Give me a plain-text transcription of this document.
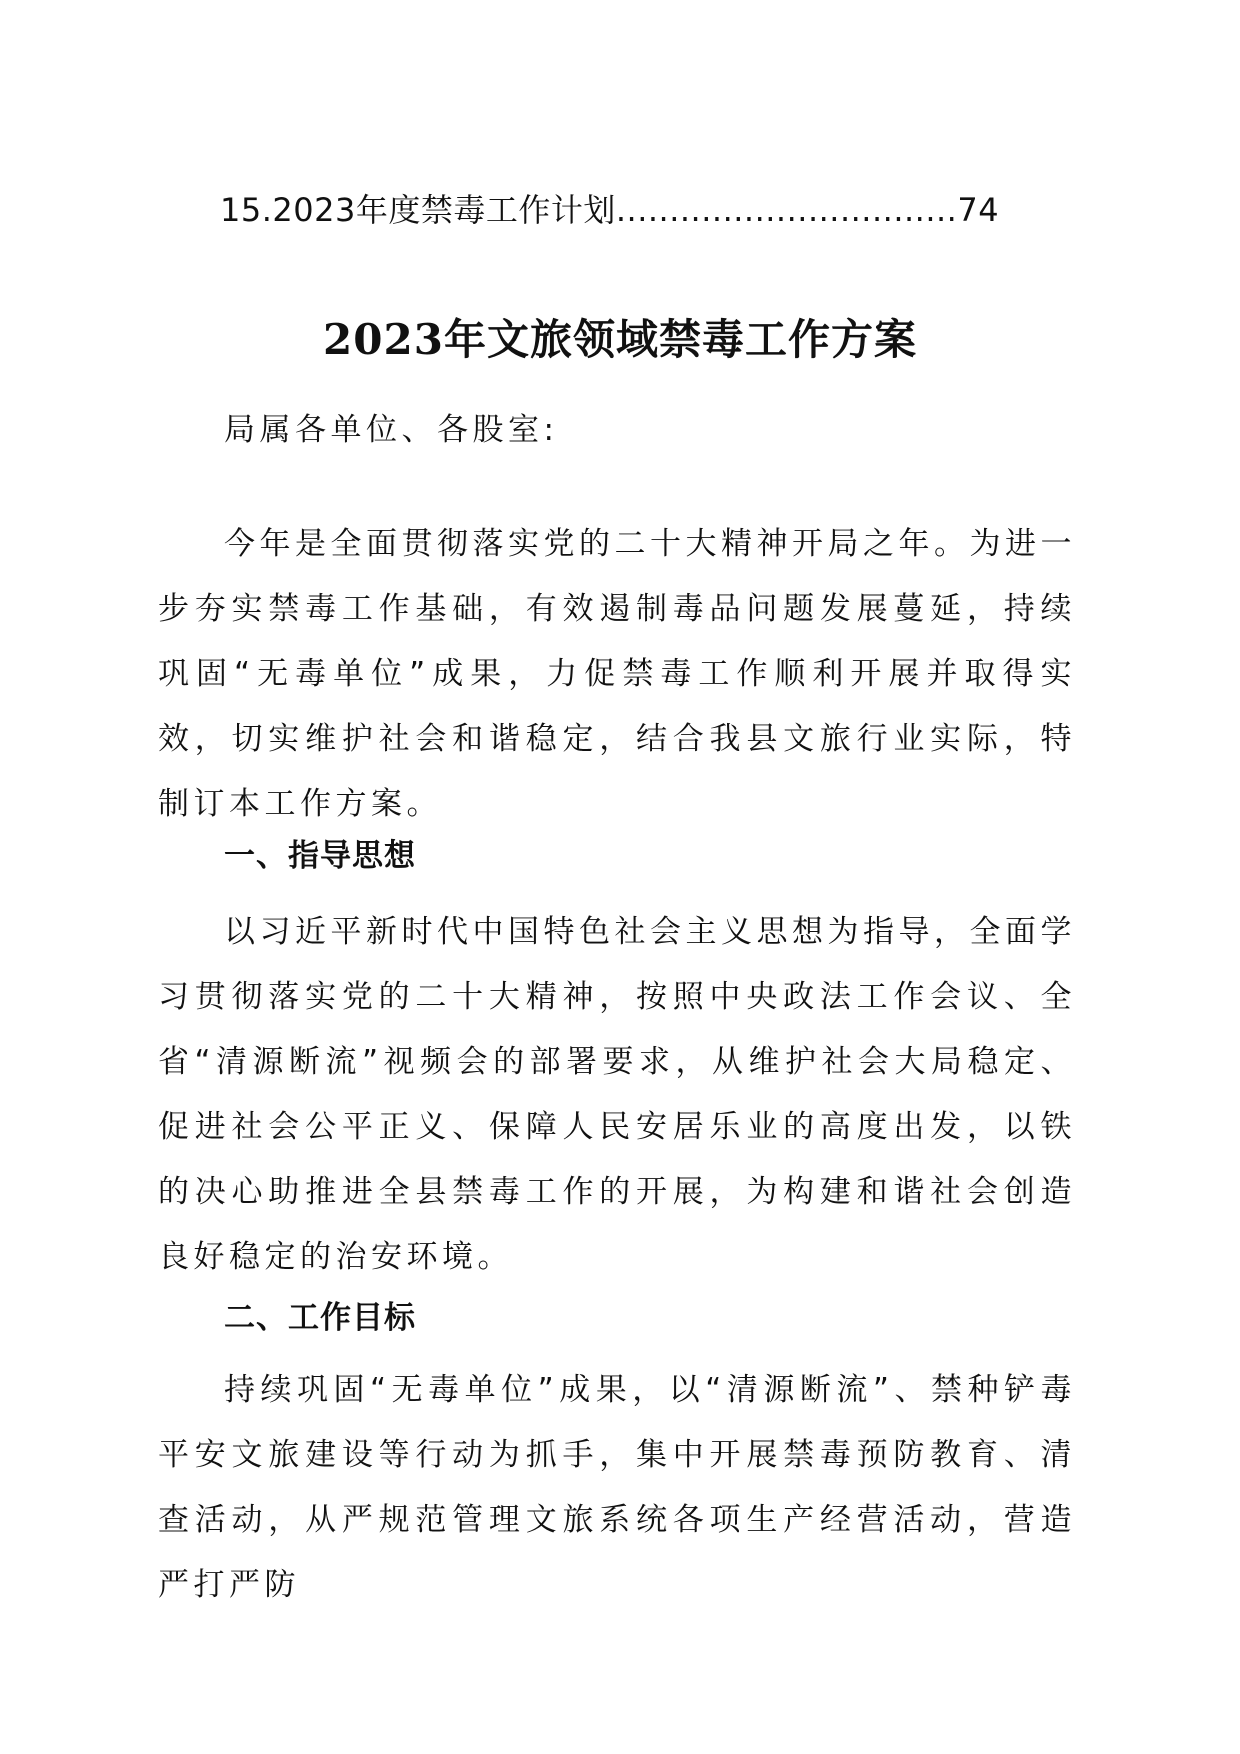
15.2023年度禁毒工作计划................................74
2023年文旅领域禁毒工作方案
局属各单位、各股室:
今年是全面贯彻落实党的二十大精神开局之年。为进一步夯实禁毒工作基础，有效遏制毒品问题发展蔓延，持续巩固“无毒单位”成果，力促禁毒工作顺利开展并取得实效，切实维护社会和谐稳定，结合我县文旅行业实际，特制订本工作方案。
一、指导思想
以习近平新时代中国特色社会主义思想为指导，全面学习贯彻落实党的二十大精神，按照中央政法工作会议、全省“清源断流”视频会的部署要求，从维护社会大局稳定、促进社会公平正义、保障人民安居乐业的高度出发，以铁的决心助推进全县禁毒工作的开展，为构建和谐社会创造良好稳定的治安环境。
二、工作目标
持续巩固“无毒单位”成果，以“清源断流”、禁种铲毒平安文旅建设等行动为抓手，集中开展禁毒预防教育、清查活动，从严规范管理文旅系统各项生产经营活动，营造严打严防
